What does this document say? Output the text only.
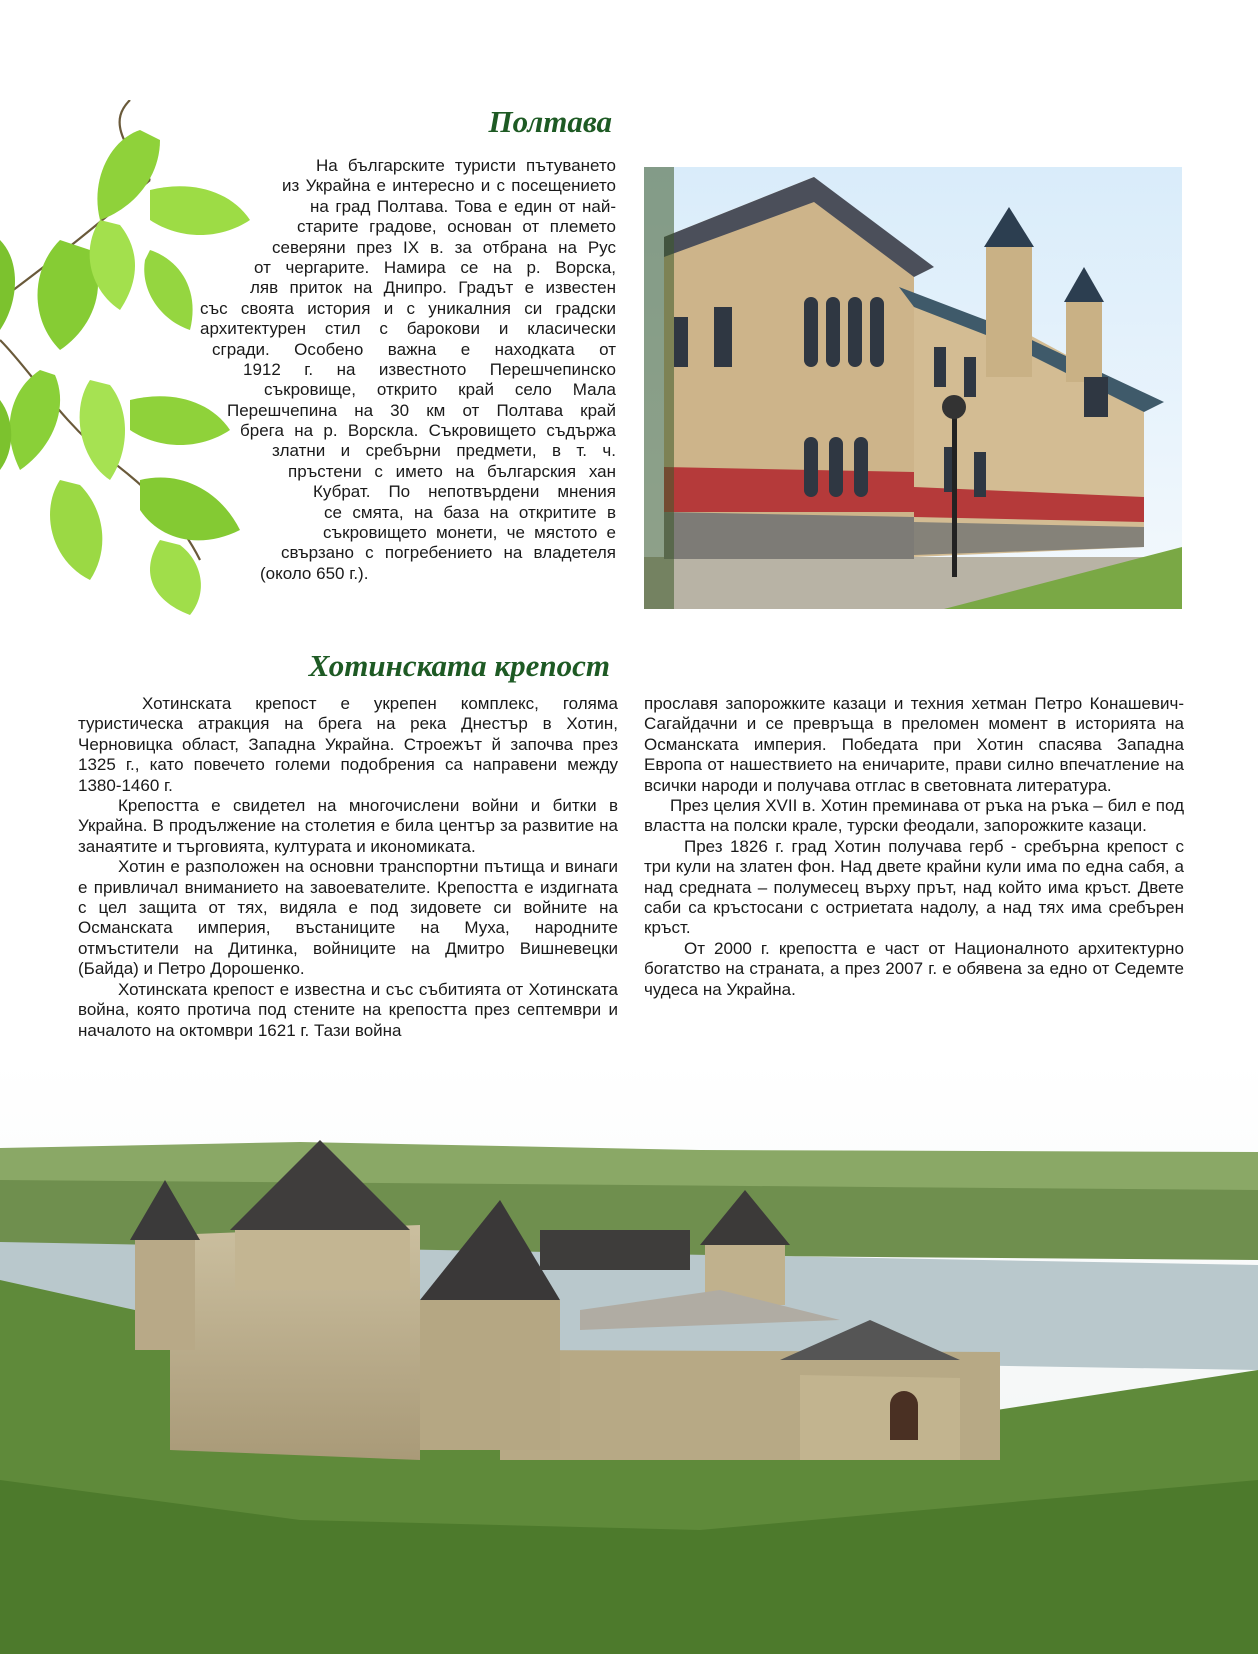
Полтава

На българските туристи пътуването

из Украйна е интересно и с посещението

на град Полтава. Това е един от най-

старите градове, основан от племето

северяни през IX в. за отбрана на Рус

от чергарите. Намира се на р. Ворска,

ляв приток на Днипро. Градът е известен

със своята история и с уникалния си градски

архитектурен стил с барокови и класически

сгради. Особено важна е находката от

1912 г. на известното Перешчепинско

съкровище, открито край село Мала

Перешчепина на 30 км от Полтава край

брега на р. Ворскла. Съкровището съдържа

златни и сребърни предмети, в т. ч.

пръстени с името на българския хан

Кубрат. По непотвърдени мнения

се смята, на база на откритите в

съкровището монети, че мястото е

свързано с погребението на владетеля

(около 650 г.).

Хотинската крепост

Хотинската крепост е укрепен комплекс, голяма туристическа атракция на брега на река Днестър в Хотин, Черновицка област, Западна Украйна. Строежът й започва през 1325 г., като повечето големи подобрения са направени между 1380-1460 г.

Крепостта е свидетел на многочислени войни и битки в Украйна. В продължение на столетия е била център за развитие на занаятите и търговията, културата и икономиката.

Хотин е разположен на основни транспортни пътища и винаги е привличал вниманието на завоевателите. Крепостта е издигната с цел защита от тях, видяла е под зидовете си войните на Османската империя, въстаниците на Муха, народните отмъстители на Дитинка, войниците на Дмитро Вишневецки (Байда) и Петро Дорошенко.

Хотинската крепост е известна и със събитията от Хотинската война, която протича под стените на крепостта през септември и началото на октомври 1621 г. Тази война

прославя запорожките казаци и техния хетман Петро Конашевич-Сагайдачни и се превръща в преломен момент в историята на Османската империя. Победата при Хотин спасява Западна Европа от нашествието на еничарите, прави силно впечатление на всички народи и получава отглас в световната литература.

През целия XVII в. Хотин преминава от ръка на ръка – бил е под властта на полски крале, турски феодали, запорожките казаци.

През 1826 г. град Хотин получава герб - сребърна крепост с три кули на златен фон. Над двете крайни кули има по една сабя, а над средната – полумесец върху прът, над който има кръст. Двете саби са кръстосани с остриетата надолу, а над тях има сребърен кръст.

От 2000 г. крепостта е част от Националното архитектурно богатство на страната, а през 2007 г. е обявена за едно от Седемте чудеса на Украйна.
